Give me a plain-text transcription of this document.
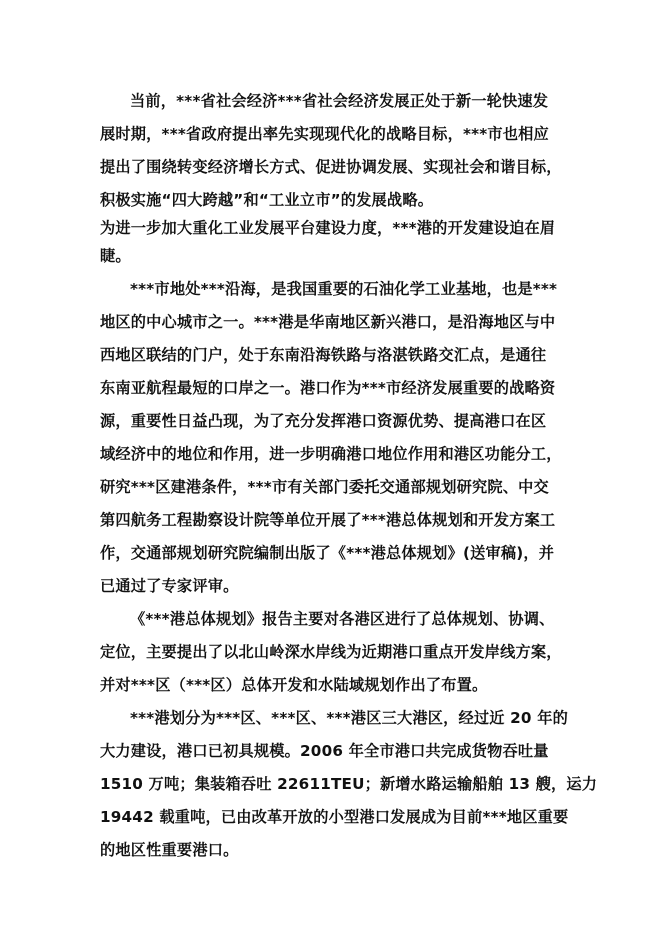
当前，***省社会经济***省社会经济发展正处于新一轮快速发
展时期，***省政府提出率先实现现代化的战略目标，***市也相应
提出了围绕转变经济增长方式、促进协调发展、实现社会和谐目标，
积极实施“四大跨越”和“工业立市”的发展战略。
为进一步加大重化工业发展平台建设力度，***港的开发建设迫在眉
睫。
***市地处***沿海，是我国重要的石油化学工业基地，也是***
地区的中心城市之一。***港是华南地区新兴港口，是沿海地区与中
西地区联结的门户，处于东南沿海铁路与洛湛铁路交汇点，是通往
东南亚航程最短的口岸之一。港口作为***市经济发展重要的战略资
源，重要性日益凸现，为了充分发挥港口资源优势、提高港口在区
域经济中的地位和作用，进一步明确港口地位作用和港区功能分工，
研究***区建港条件，***市有关部门委托交通部规划研究院、中交
第四航务工程勘察设计院等单位开展了***港总体规划和开发方案工
作，交通部规划研究院编制出版了《***港总体规划》(送审稿)，并
已通过了专家评审。
《***港总体规划》报告主要对各港区进行了总体规划、协调、
定位，主要提出了以北山岭深水岸线为近期港口重点开发岸线方案，
并对***区（***区）总体开发和水陆域规划作出了布置。
***港划分为***区、***区、***港区三大港区，经过近 20 年的
大力建设，港口已初具规模。2006 年全市港口共完成货物吞吐量
1510 万吨；集装箱吞吐 22611TEU；新增水路运输船舶 13 艘，运力
19442 载重吨，已由改革开放的小型港口发展成为目前***地区重要
的地区性重要港口。
